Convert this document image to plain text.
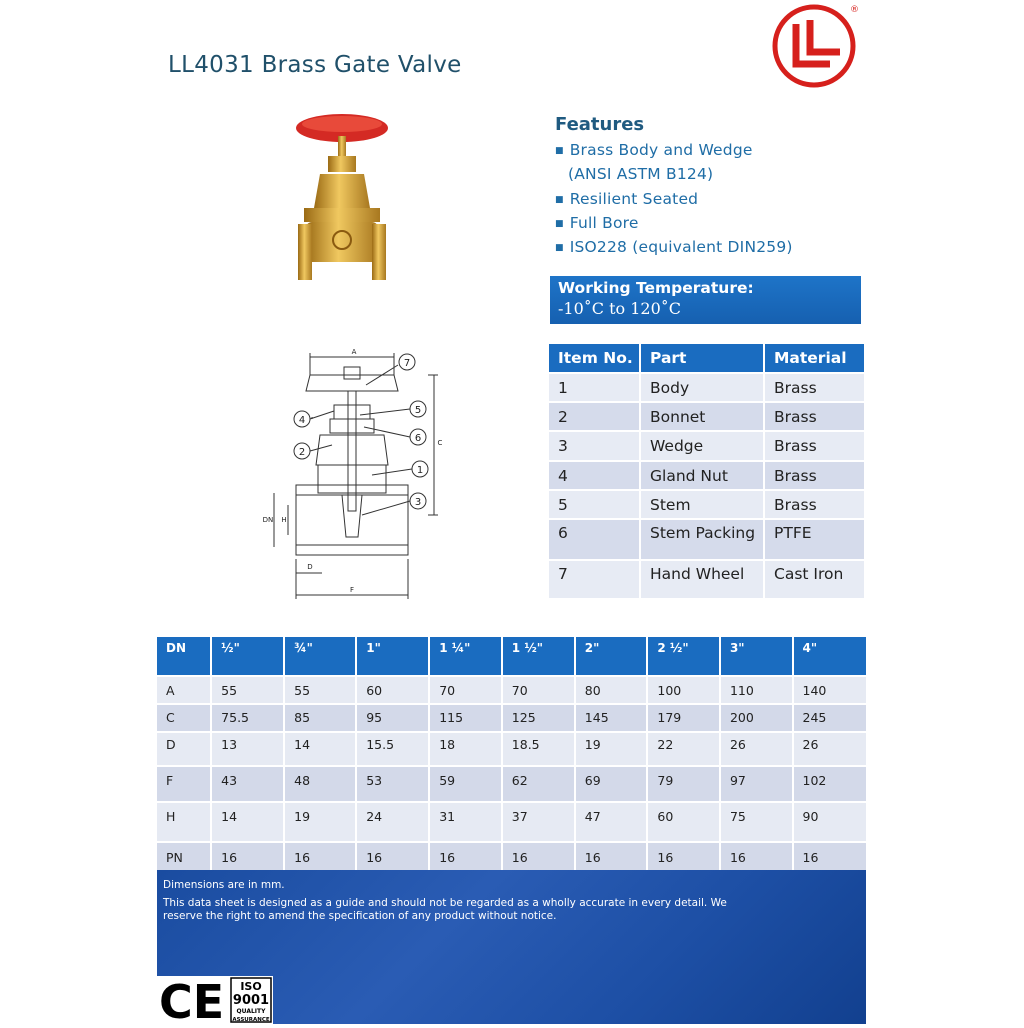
LL4031 Brass Gate Valve
®
7
5
6
1
3
4
2
A
C
D
F
H
DN
Features
■ Brass Body and Wedge
(ANSI ASTM B124)
■ Resilient Seated
■ Full Bore
■ ISO228 (equivalent DIN259)
Working Temperature:
-10˚C to 120˚C
Item No.	Part	Material
1	Body	Brass
2	Bonnet	Brass
3	Wedge	Brass
4	Gland Nut	Brass
5	Stem	Brass
6	Stem Packing	PTFE
7	Hand Wheel	Cast Iron
DN	½"	¾"	1"	1 ¼"	1 ½"	2"	2 ½"	3"	4"
A	55	55	60	70	70	80	100	110	140
C	75.5	85	95	115	125	145	179	200	245
D	13	14	15.5	18	18.5	19	22	26	26
F	43	48	53	59	62	69	79	97	102
H	14	19	24	31	37	47	60	75	90
PN	16	16	16	16	16	16	16	16	16
Dimensions are in mm.
This data sheet is designed as a guide and should not be regarded as a wholly accurate in every detail. We reserve the right to amend the specification of any product without notice.
CE ISO
9001
QUALITY
ASSURANCE
